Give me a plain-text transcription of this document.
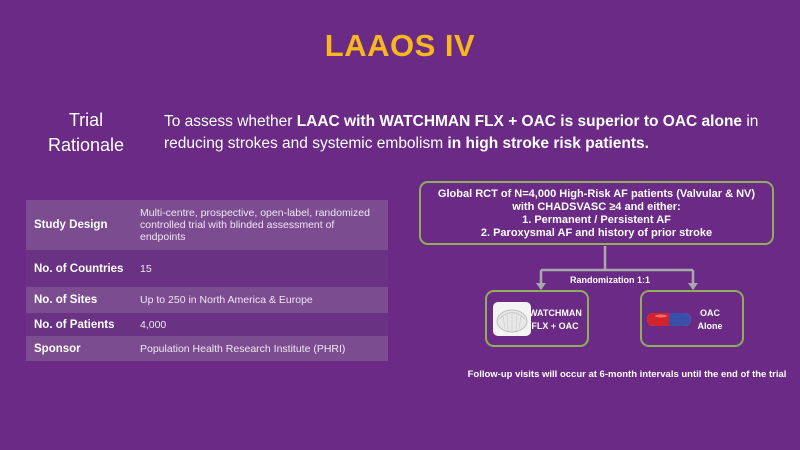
LAAOS IV
Trial
Rationale
To assess whether LAAC with WATCHMAN FLX + OAC is superior to OAC alone in reducing strokes and systemic embolism in high stroke risk patients.
Study Design	Multi-centre, prospective, open-label, randomized controlled trial with blinded assessment of endpoints
No. of Countries	15
No. of Sites	Up to 250 in North America & Europe
No. of Patients	4,000
Sponsor	Population Health Research Institute (PHRI)
Global RCT of N=4,000 High-Risk AF patients (Valvular & NV)
with CHADSVASC ≥4 and either:
1. Permanent / Persistent AF
2. Paroxysmal AF and history of prior stroke
Randomization 1:1
WATCHMAN
FLX + OAC
OAC
Alone
Follow-up visits will occur at 6-month intervals until the end of the trial
